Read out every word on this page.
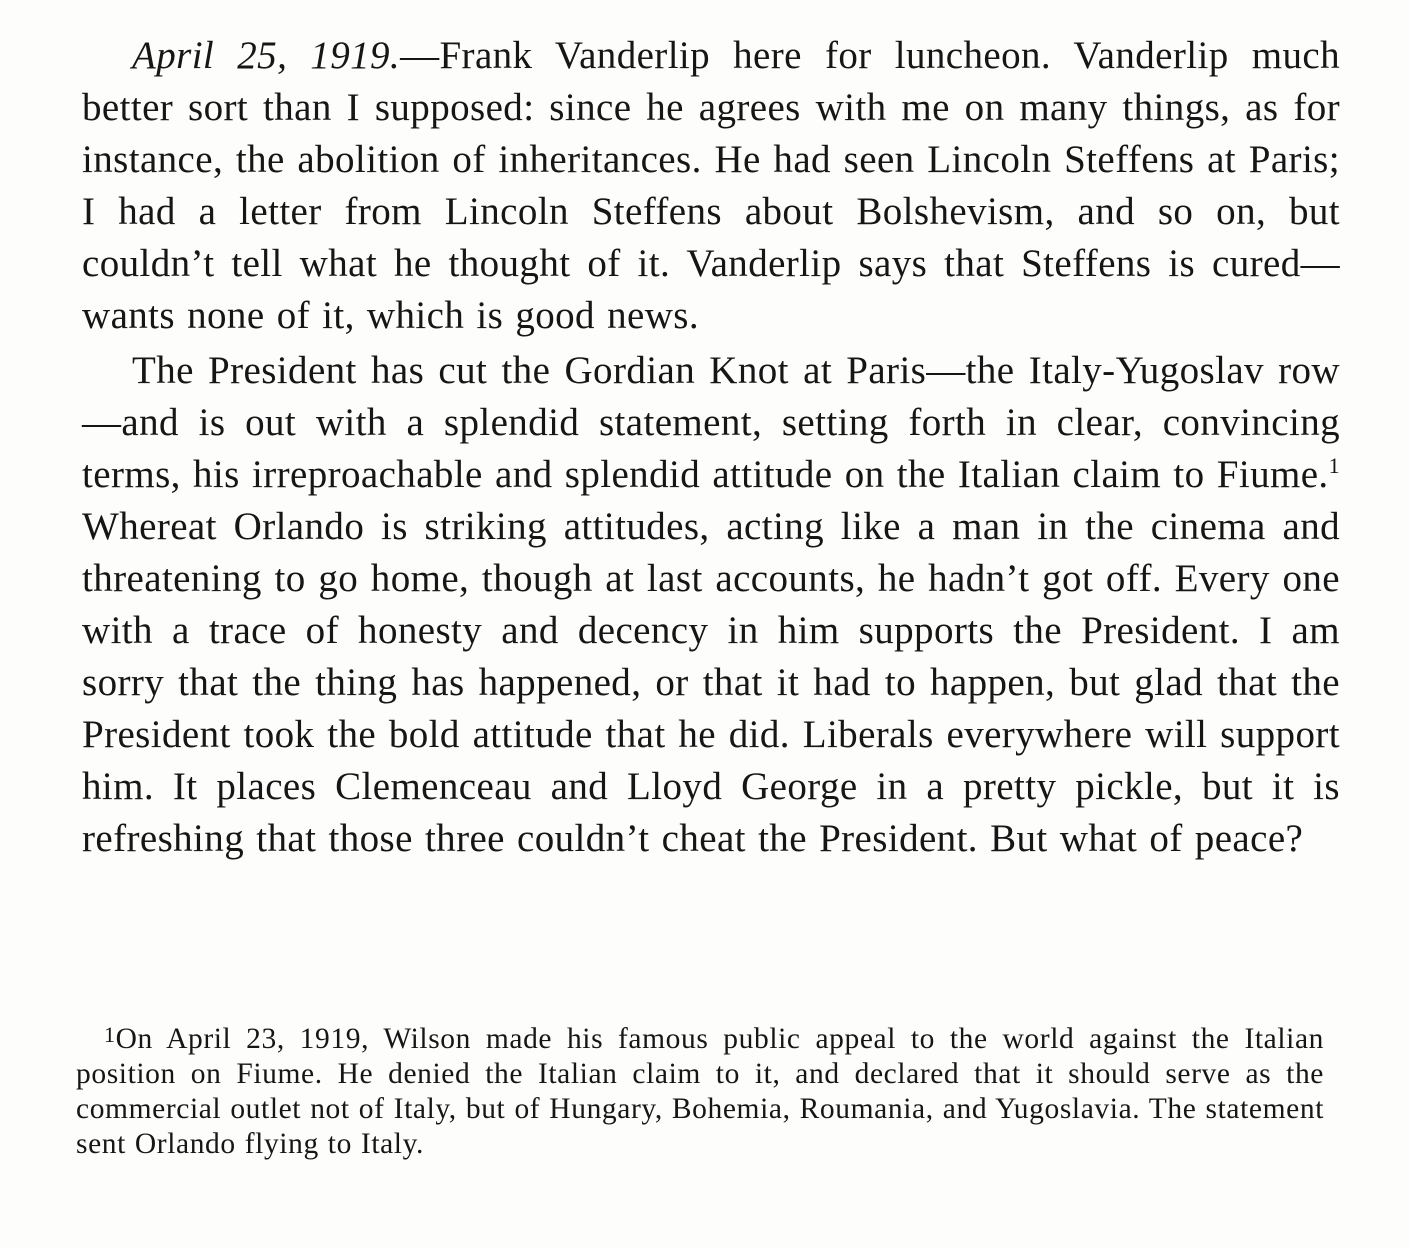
April 25, 1919.—Frank Vanderlip here for luncheon. Vanderlip much better sort than I supposed: since he agrees with me on many things, as for instance, the abolition of inheritances. He had seen Lincoln Steffens at Paris; I had a letter from Lincoln Steffens about Bolshevism, and so on, but couldn’t tell what he thought of it. Vanderlip says that Steffens is cured—wants none of it, which is good news.

The President has cut the Gordian Knot at Paris—the Italy-Yugoslav row—and is out with a splendid statement, setting forth in clear, convincing terms, his irreproachable and splendid attitude on the Italian claim to Fiume.$^1$ Whereat Orlando is striking attitudes, acting like a man in the cinema and threatening to go home, though at last accounts, he hadn’t got off. Every one with a trace of honesty and decency in him supports the President. I am sorry that the thing has happened, or that it had to happen, but glad that the President took the bold attitude that he did. Liberals everywhere will support him. It places Clemenceau and Lloyd George in a pretty pickle, but it is refreshing that those three couldn’t cheat the President. But what of peace?

$^1$On April 23, 1919, Wilson made his famous public appeal to the world against the Italian position on Fiume. He denied the Italian claim to it, and declared that it should serve as the commercial outlet not of Italy, but of Hungary, Bohemia, Roumania, and Yugoslavia. The statement sent Orlando flying to Italy.
